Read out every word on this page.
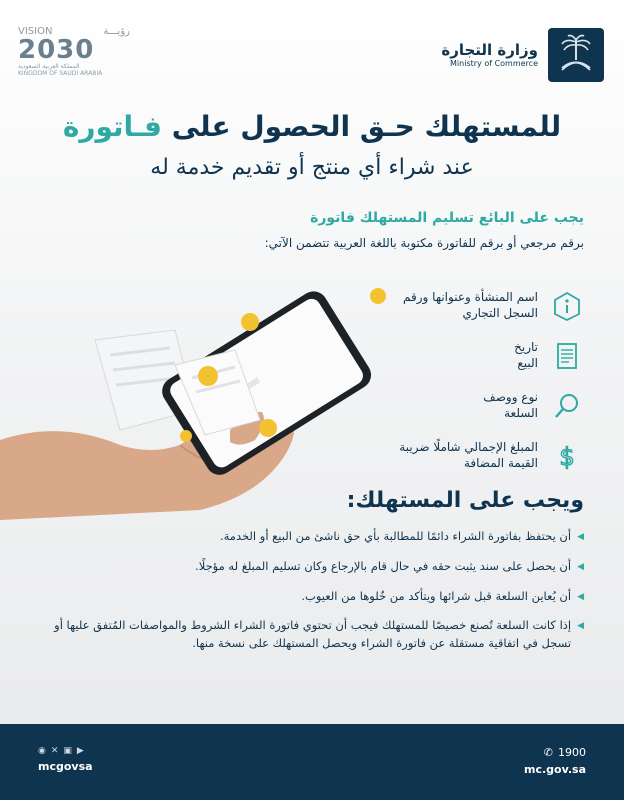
وزارة التجارة
Ministry of Commerce
VISION	رؤيـــة
2030
المملكة العربية السعودية
KINGDOM OF SAUDI ARABIA
للمستهلك حـق الحصول على فـاتورة
عند شراء أي منتج أو تقديم خدمة له
يجب على البائع تسليم المستهلك فاتورة
برقم مرجعي أو برقم للفاتورة مكتوبة باللغة العربية تتضمن الآتي:
اسم المنشأة وعنوانها ورقم
السجل التجاري
تاريخ
البيع
نوع ووصف
السلعة
$
المبلغ الإجمالي شاملًا ضريبة
القيمة المضافة
ويجب على المستهلك:
◀
أن يحتفظ بفاتورة الشراء دائمًا للمطالبة بأي حق ناشئ من البيع أو الخدمة.
◀
أن يحصل على سند يثبت حقه في حال قام بالإرجاع وكان تسليم المبلغ له مؤجلًا.
◀
أن يُعاين السلعة قبل شرائها ويتأكد من خُلوها من العيوب.
◀
إذا كانت السلعة تُصنع خصيصًا للمستهلك فيجب أن تحتوي فاتورة الشراء الشروط والمواصفات المُتفق عليها أو تسجل في اتفاقية مستقلة عن فاتورة الشراء ويحصل المستهلك على نسخة منها.
◉ ✕ ▣ ▶
mcgovsa
✆ 1900
mc.gov.sa
